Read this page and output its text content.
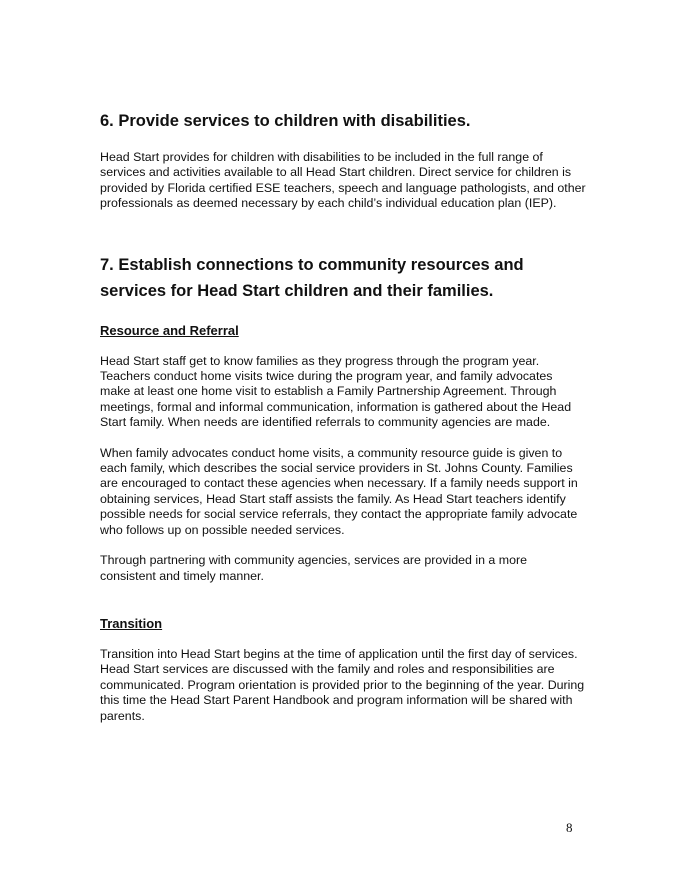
6. Provide services to children with disabilities.

Head Start provides for children with disabilities to be included in the full range of services and activities available to all Head Start children. Direct service for children is provided by Florida certified ESE teachers, speech and language pathologists, and other professionals as deemed necessary by each child’s individual education plan (IEP).

7. Establish connections to community resources and services for Head Start children and their families.
Resource and Referral

Head Start staff get to know families as they progress through the program year. Teachers conduct home visits twice during the program year, and family advocates make at least one home visit to establish a Family Partnership Agreement. Through meetings, formal and informal communication, information is gathered about the Head Start family. When needs are identified referrals to community agencies are made.

When family advocates conduct home visits, a community resource guide is given to each family, which describes the social service providers in St. Johns County. Families are encouraged to contact these agencies when necessary. If a family needs support in obtaining services, Head Start staff assists the family. As Head Start teachers identify possible needs for social service referrals, they contact the appropriate family advocate who follows up on possible needed services.

Through partnering with community agencies, services are provided in a more consistent and timely manner.

Transition

Transition into Head Start begins at the time of application until the first day of services. Head Start services are discussed with the family and roles and responsibilities are communicated. Program orientation is provided prior to the beginning of the year. During this time the Head Start Parent Handbook and program information will be shared with parents.

8
